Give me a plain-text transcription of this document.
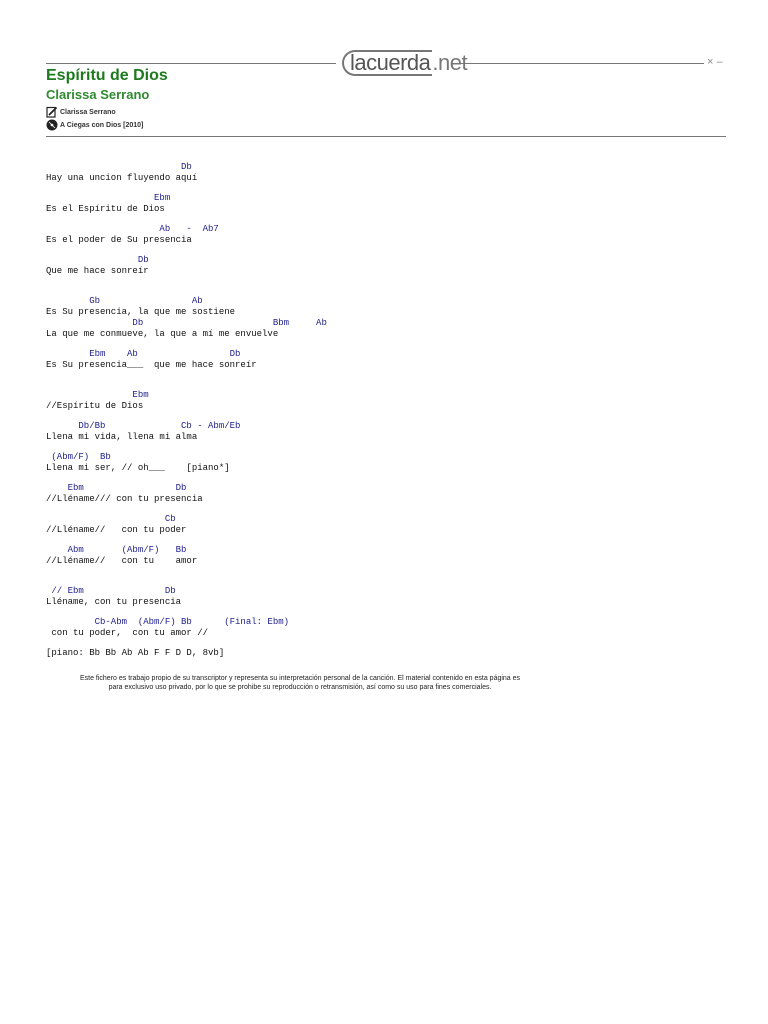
lacuerda.net	× –
Espíritu de Dios
Clarissa Serrano
Clarissa Serrano
A Ciegas con Dios [2010]
Db
Hay una uncion fluyendo aquí
Ebm
Es el Espíritu de Dios
Ab   -  Ab7
Es el poder de Su presencia
Db
Que me hace sonreír
Gb                 Ab
Es Su presencia, la que me sostiene
Db                        Bbm     Ab
La que me conmueve, la que a mí me envuelve
Ebm    Ab                 Db
Es Su presencia___  que me hace sonreír
Ebm
//Espíritu de Dios
Db/Bb              Cb - Abm/Eb
Llena mi vida, llena mi alma
(Abm/F)  Bb
Llena mi ser, // oh___    [piano*]
Ebm                 Db
//Lléname/// con tu presencia
Cb
//Lléname//   con tu poder
Abm       (Abm/F)   Bb
//Lléname//   con tu    amor
// Ebm               Db
Lléname, con tu presencia
Cb-Abm  (Abm/F) Bb      (Final: Ebm)
con tu poder,  con tu amor //
[piano: Bb Bb Ab Ab F F D D, 8vb]
Este fichero es trabajo propio de su transcriptor y representa su interpretación personal de la canción. El material contenido en esta página es
para exclusivo uso privado, por lo que se prohibe su reproducción o retransmisión, así como su uso para fines comerciales.
